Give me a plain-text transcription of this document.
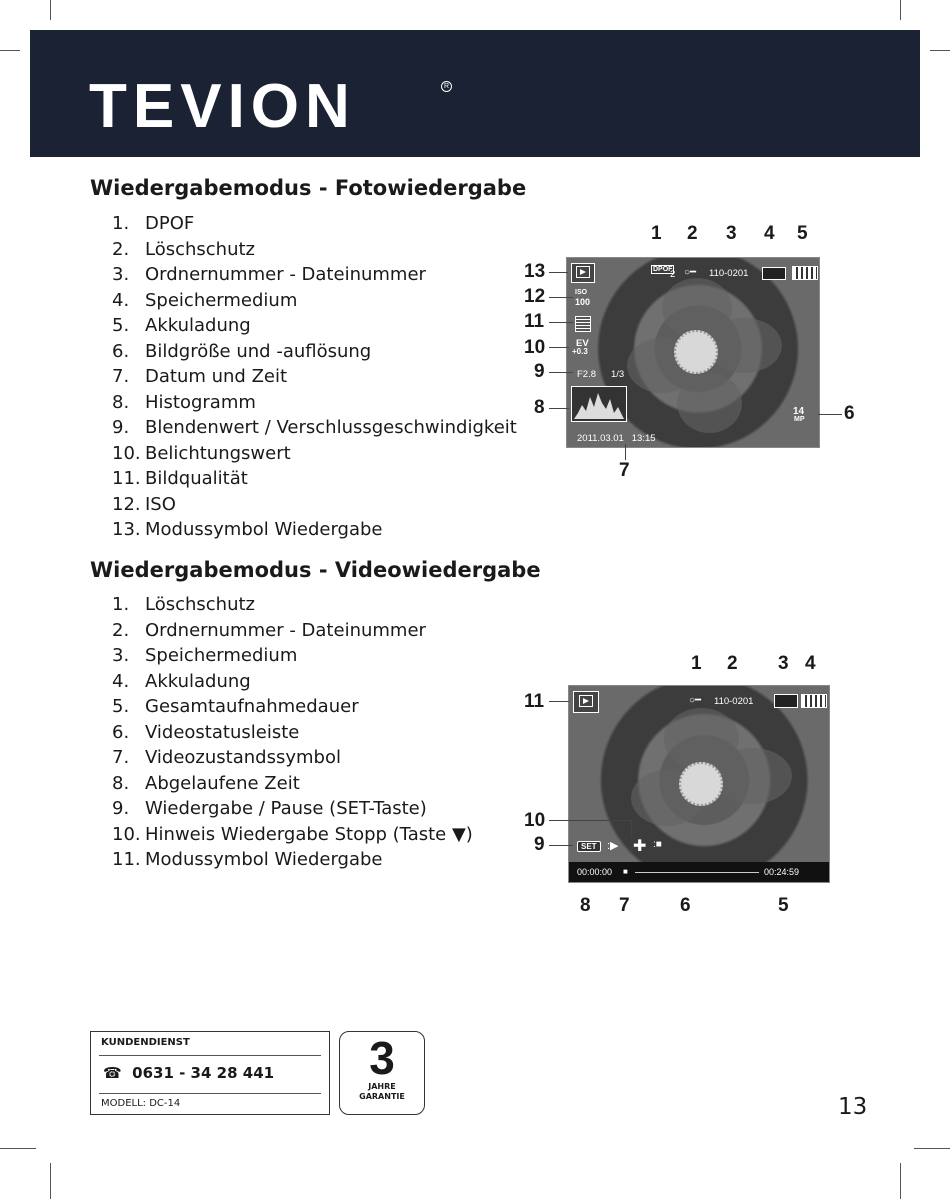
TEVION	R
Wiedergabemodus - Fotowiedergabe
1. DPOF
2. Löschschutz
3. Ordnernummer - Dateinummer
4. Speichermedium
5. Akkuladung
6. Bildgröße und -auflösung
7. Datum und Zeit
8. Histogramm
9. Blendenwert / Verschlussgeschwindigkeit
10. Belichtungswert
11. Bildqualität
12. ISO
13. Modussymbol Wiedergabe
DPOF
2 ○━ 110-0201
ISO
100
EV
+0.3
F2.8 1/3
14
MP
2011.03.01   13:15
1 2 3 4 5
6
7
8
9
10
11
12
13
Wiedergabemodus - Videowiedergabe
1. Löschschutz
2. Ordnernummer - Dateinummer
3. Speichermedium
4. Akkuladung
5. Gesamtaufnahmedauer
6. Videostatusleiste
7. Videozustandssymbol
8. Abgelaufene Zeit
9. Wiedergabe / Pause (SET-Taste)
10. Hinweis Wiedergabe Stopp (Taste ▼)
11. Modussymbol Wiedergabe
○━ 110-0201
SET :▶ ✚ :■
00:00:00 ■	00:24:59
1 2 3 4
5
6
7
8
9
10
11
KUNDENDIENST
☎ 0631 - 34 28 441
MODELL: DC-14
3
JAHRE
GARANTIE	13
